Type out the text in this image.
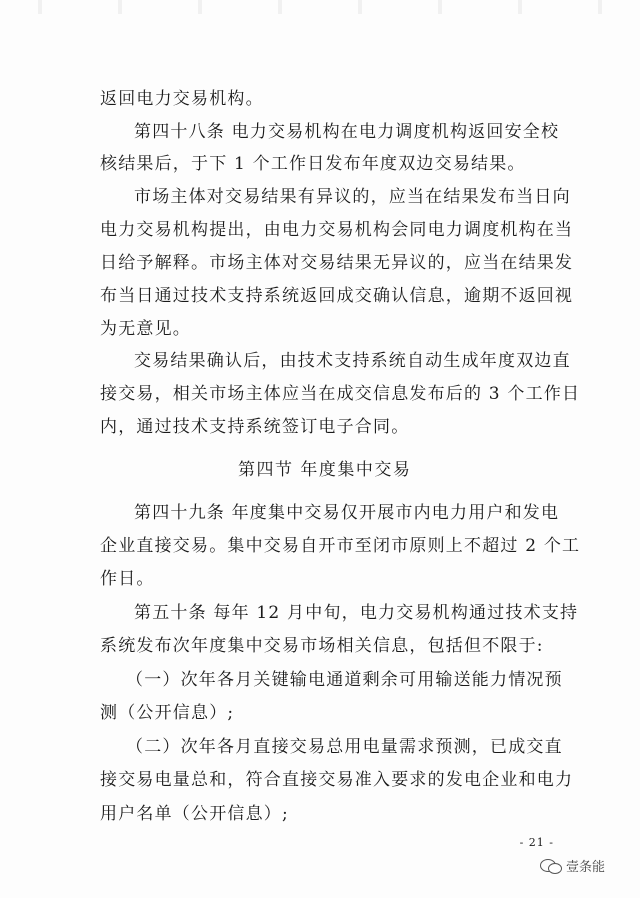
返回电力交易机构。
第四十八条 电力交易机构在电力调度机构返回安全校
核结果后，于下 1 个工作日发布年度双边交易结果。
市场主体对交易结果有异议的，应当在结果发布当日向
电力交易机构提出，由电力交易机构会同电力调度机构在当
日给予解释。市场主体对交易结果无异议的，应当在结果发
布当日通过技术支持系统返回成交确认信息，逾期不返回视
为无意见。
交易结果确认后，由技术支持系统自动生成年度双边直
接交易，相关市场主体应当在成交信息发布后的 3 个工作日
内，通过技术支持系统签订电子合同。
第四节 年度集中交易
第四十九条 年度集中交易仅开展市内电力用户和发电
企业直接交易。集中交易自开市至闭市原则上不超过 2 个工
作日。
第五十条 每年 12 月中旬，电力交易机构通过技术支持
系统发布次年度集中交易市场相关信息，包括但不限于:
（一）次年各月关键输电通道剩余可用输送能力情况预
测（公开信息）;
（二）次年各月直接交易总用电量需求预测，已成交直
接交易电量总和，符合直接交易准入要求的发电企业和电力
用户名单（公开信息）;
- 21 -
壹条能
